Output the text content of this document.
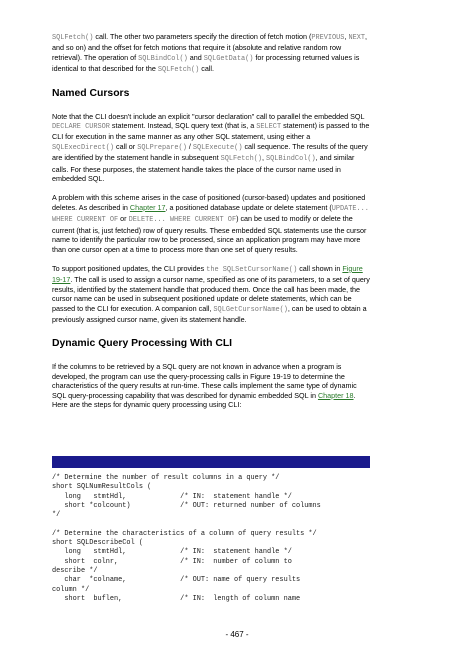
SQLFetch() call. The other two parameters specify the direction of fetch motion (PREVIOUS, NEXT, and so on) and the offset for fetch motions that require it (absolute and relative random row retrieval). The operation of SQLBindCol() and SQLGetData() for processing returned values is identical to that described for the SQLFetch() call.

Named Cursors

Note that the CLI doesn't include an explicit "cursor declaration" call to parallel the embedded SQL DECLARE CURSOR statement. Instead, SQL query text (that is, a SELECT statement) is passed to the CLI for execution in the same manner as any other SQL statement, using either a SQLExecDirect() call or SQLPrepare() / SQLExecute() call sequence. The results of the query are identified by the statement handle in subsequent SQLFetch(), SQLBindCol(), and similar calls. For these purposes, the statement handle takes the place of the cursor name used in embedded SQL.

A problem with this scheme arises in the case of positioned (cursor-based) updates and positioned deletes. As described in Chapter 17, a positioned database update or delete statement (UPDATE... WHERE CURRENT OF or DELETE... WHERE CURRENT OF) can be used to modify or delete the current (that is, just fetched) row of query results. These embedded SQL statements use the cursor name to identify the particular row to be processed, since an application program may have more than one cursor open at a time to process more than one set of query results.

To support positioned updates, the CLI provides the SQLSetCursorName() call shown in Figure 19-17. The call is used to assign a cursor name, specified as one of its parameters, to a set of query results, identified by the statement handle that produced them. Once the call has been made, the cursor name can be used in subsequent positioned update or delete statements, which can be passed to the CLI for execution. A companion call, SQLGetCursorName(), can be used to obtain a previously assigned cursor name, given its statement handle.

Dynamic Query Processing With CLI

If the columns to be retrieved by a SQL query are not known in advance when a program is developed, the program can use the query-processing calls in Figure 19-19 to determine the characteristics of the query results at run-time. These calls implement the same type of dynamic SQL query-processing capability that was described for dynamic embedded SQL in Chapter 18. Here are the steps for dynamic query processing using CLI:

/* Determine the number of result columns in a query */
short SQLNumResultCols (
long   stmtHdl,             /* IN:  statement handle */
short *colcount)            /* OUT: returned number of columns
*/

/* Determine the characteristics of a column of query results */
short SQLDescribeCol (
long   stmtHdl,             /* IN:  statement handle */
short  colnr,               /* IN:  number of column to
describe */
char  *colname,             /* OUT: name of query results
column */
short  buflen,              /* IN:  length of column name
- 467 -
